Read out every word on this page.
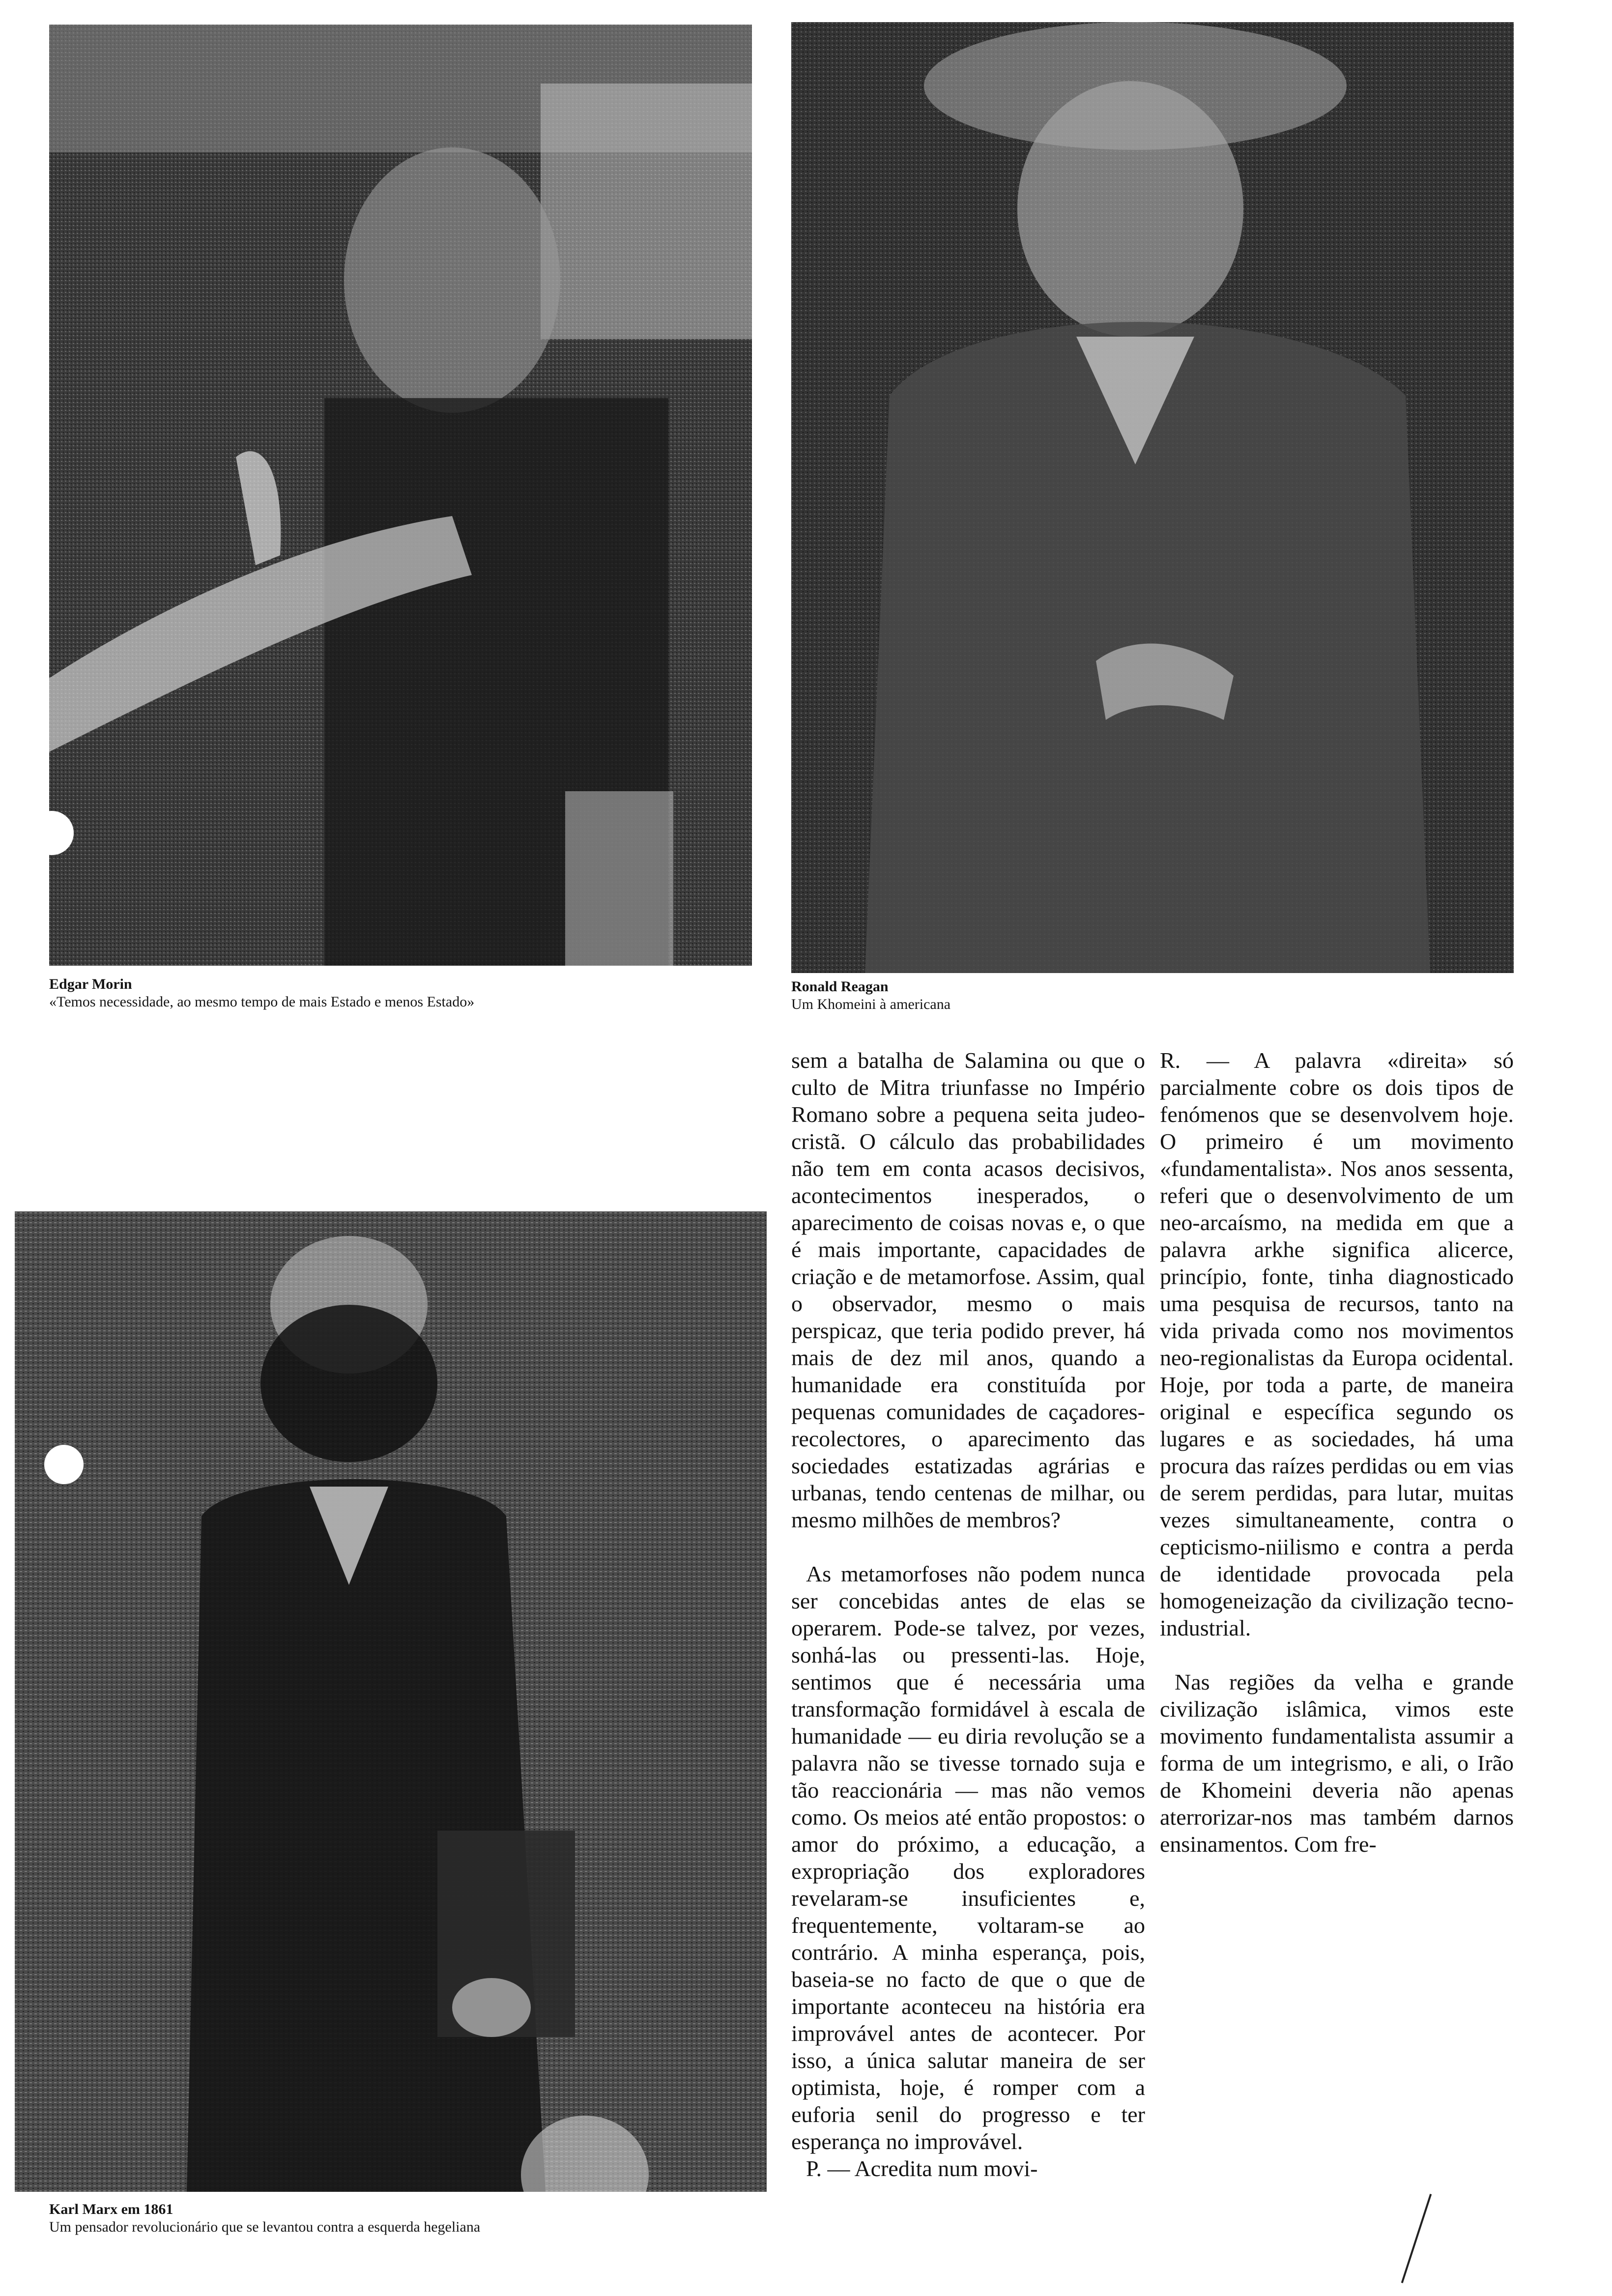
Edgar Morin
«Temos necessidade, ao mesmo tempo de mais Estado e menos Estado»
Ronald Reagan
Um Khomeini à americana
Karl Marx em 1861
Um pensador revolucionário que se levantou contra a esquerda hegeliana

sem a batalha de Salamina ou que o culto de Mitra triunfasse no Império Romano sobre a pequena seita judeo-cristã. O cálculo das probabilidades não tem em conta acasos decisivos, acontecimentos inesperados, o aparecimento de coisas novas e, o que é mais importante, capacidades de criação e de metamorfose. Assim, qual o observador, mesmo o mais perspicaz, que teria podido prever, há mais de dez mil anos, quando a humanidade era constituída por pequenas comunidades de caçadores-recolectores, o aparecimento das sociedades estatizadas agrárias e urbanas, tendo centenas de milhar, ou mesmo milhões de membros?

As metamorfoses não podem nunca ser concebidas antes de elas se operarem. Pode-se talvez, por vezes, sonhá-las ou pressenti-las. Hoje, sentimos que é necessária uma transformação formidável à escala de humanidade — eu diria revolução se a palavra não se tivesse tornado suja e tão reaccionária — mas não vemos como. Os meios até então propostos: o amor do próximo, a educação, a expropriação dos exploradores revelaram-se insuficientes e, frequentemente, voltaram-se ao contrário. A minha esperança, pois, baseia-se no facto de que o que de importante aconteceu na história era improvável antes de acontecer. Por isso, a única salutar maneira de ser optimista, hoje, é romper com a euforia senil do progresso e ter esperança no improvável.

P. — Acredita num movi-

R. — A palavra «direita» só parcialmente cobre os dois tipos de fenómenos que se desenvolvem hoje. O primeiro é um movimento «fundamentalista». Nos anos sessenta, referi que o desenvolvimento de um neo-arcaísmo, na medida em que a palavra arkhe significa alicerce, princípio, fonte, tinha diagnosticado uma pesquisa de recursos, tanto na vida privada como nos movimentos neo-regionalistas da Europa ocidental. Hoje, por toda a parte, de maneira original e específica segundo os lugares e as sociedades, há uma procura das raízes perdidas ou em vias de serem perdidas, para lutar, muitas vezes simultaneamente, contra o cepticismo-niilismo e contra a perda de identidade provocada pela homogeneização da civilização tecno-industrial.

Nas regiões da velha e grande civilização islâmica, vimos este movimento fundamentalista assumir a forma de um integrismo, e ali, o Irão de Khomeini deveria não apenas aterrorizar-nos mas também darnos ensinamentos. Com fre-
